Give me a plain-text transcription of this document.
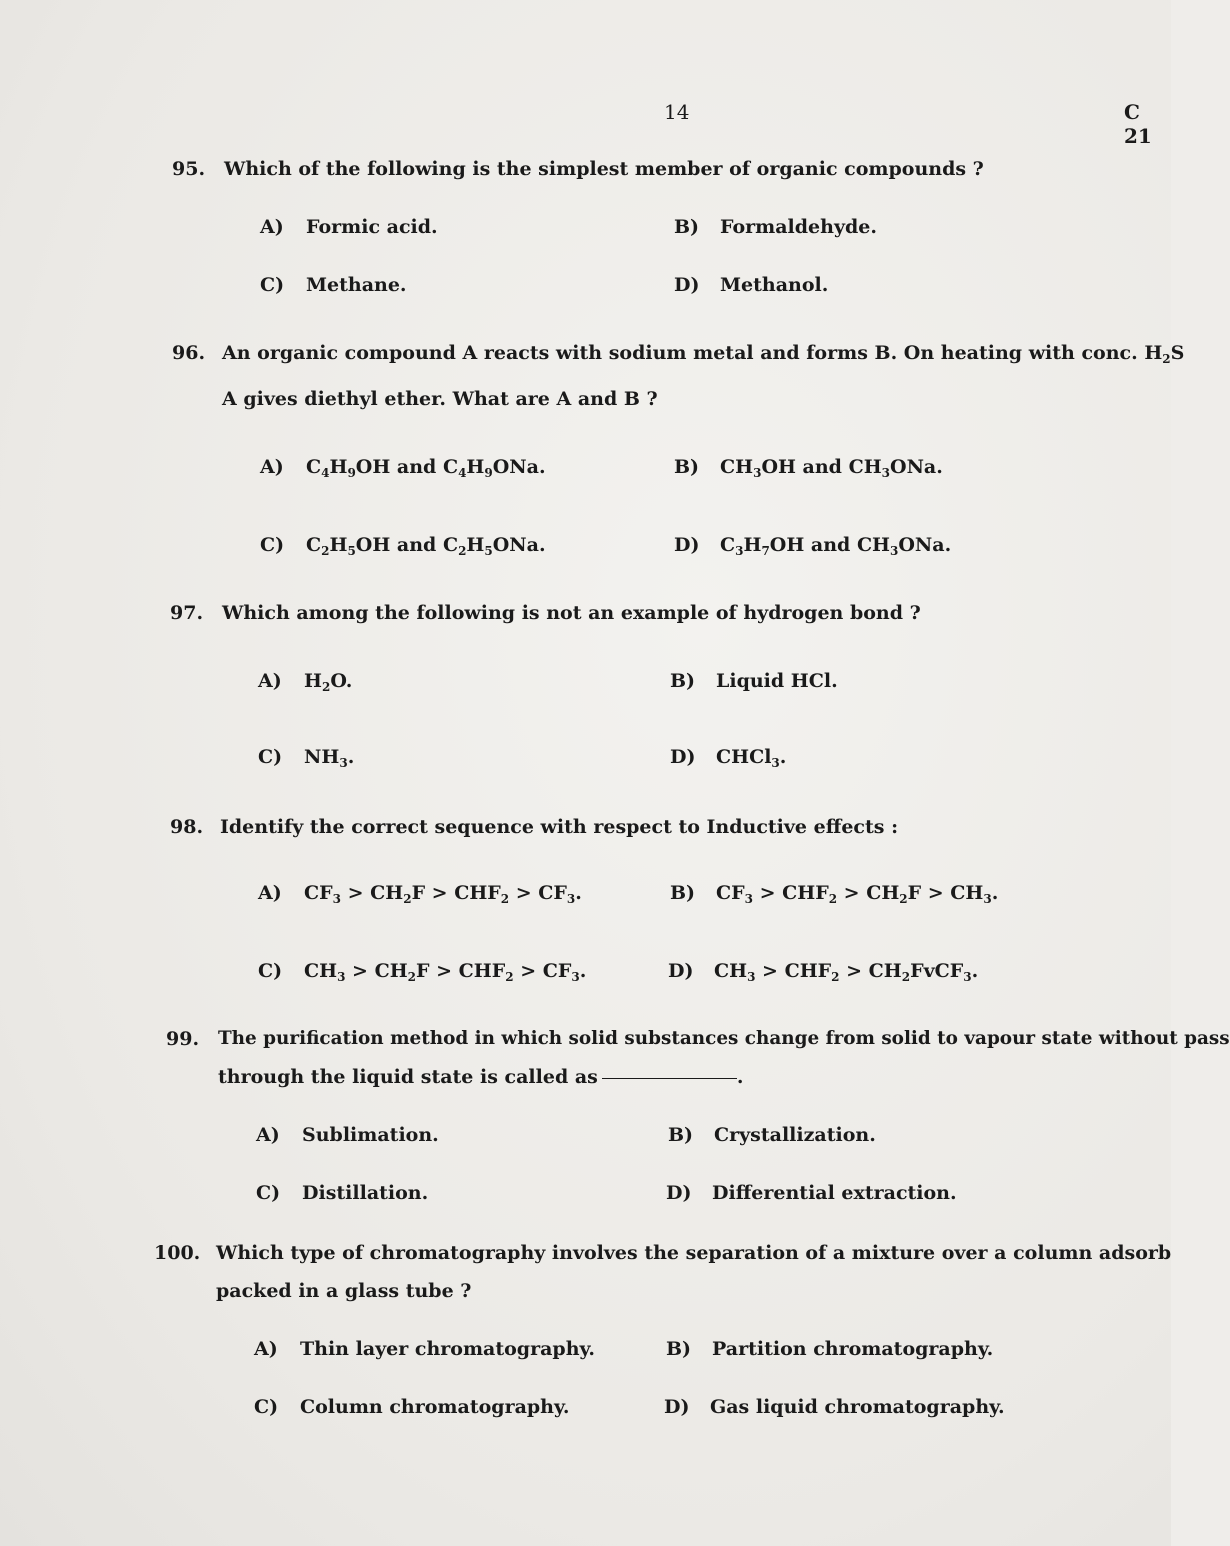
14	C 21
95. Which of the following is the simplest member of organic compounds ?
A) Formic acid.	B) Formaldehyde.
C) Methane.	D) Methanol.
96. An organic compound A reacts with sodium metal and forms B. On heating with conc. $H_2S$
A gives diethyl ether. What are A and B ?
A) $C_4H_9OH$ and $C_4H_9ONa$.	B) $CH_3OH$ and $CH_3ONa$.
C) $C_2H_5OH$ and $C_2H_5ONa$.	D) $C_3H_7OH$ and $CH_3ONa$.
97. Which among the following is not an example of hydrogen bond ?
A) $H_2O$.	B) Liquid HCl.
C) $NH_3$.	D) CHCl$_3$.
98. Identify the correct sequence with respect to Inductive effects :
A) $CF_3 > CH_2F > CHF_2 > CF_3$.	B) $CF_3 > CHF_2 > CH_2F > CH_3$.
C) $CH_3 > CH_2F > CHF_2 > CF_3$.	D) $CH_3 > CHF_2$ > $CH_2FvCF_3$.
99. The purification method in which solid substances change from solid to vapour state without pass
through the liquid state is called as	.
A) Sublimation.	B) Crystallization.
C) Distillation.	D) Differential extraction.
100. Which type of chromatography involves the separation of a mixture over a column adsorb
packed in a glass tube ?
A) Thin layer chromatography.	B) Partition chromatography.
C) Column chromatography.	D) Gas liquid chromatography.
